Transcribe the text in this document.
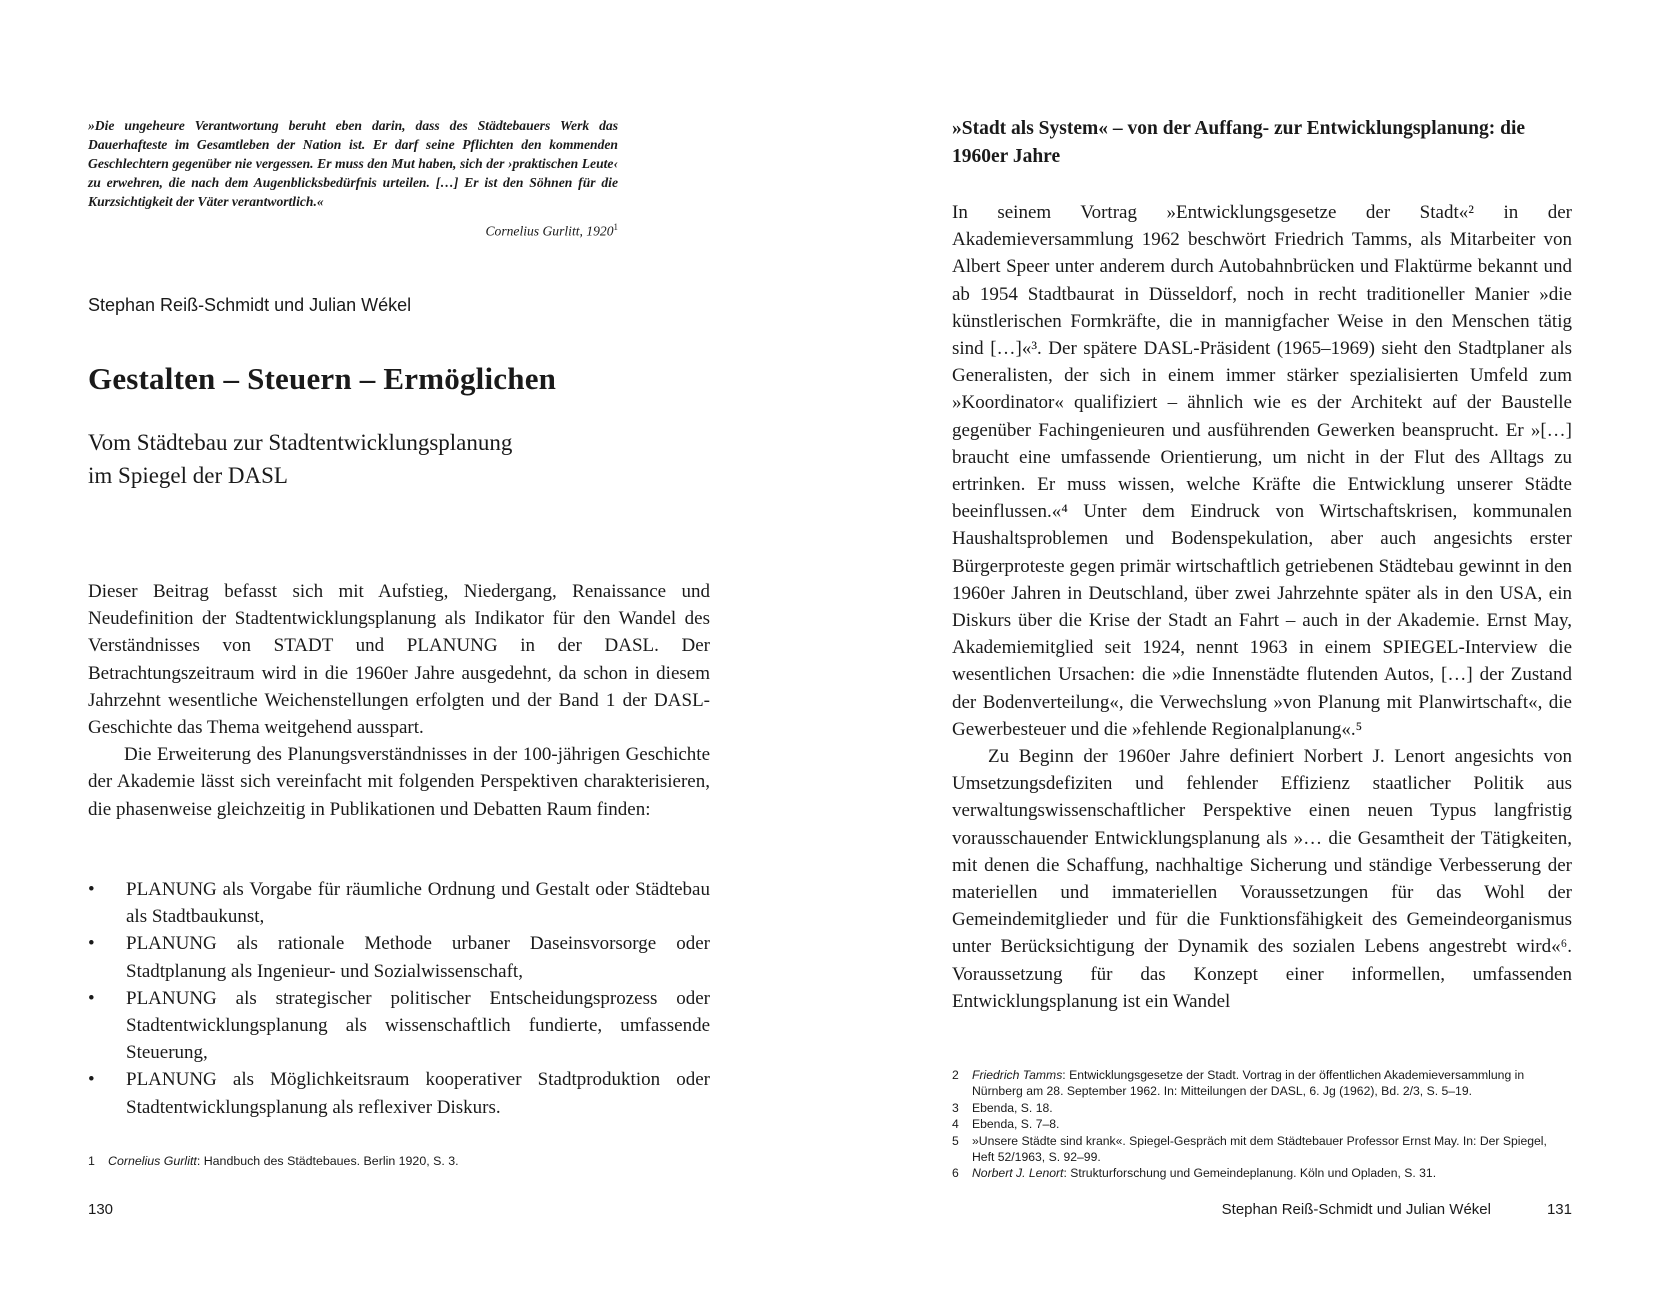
»Die ungeheure Verantwortung beruht eben darin, dass des Städtebauers Werk das Dauerhafteste im Gesamtleben der Nation ist. Er darf seine Pflichten den kommenden Geschlechtern gegenüber nie vergessen. Er muss den Mut haben, sich der ›praktischen Leute‹ zu erwehren, die nach dem Augenblicksbedürfnis urteilen. […] Er ist den Söhnen für die Kurzsichtigkeit der Väter verantwortlich.«

Cornelius Gurlitt, 1920$^1$

Stephan Reiß-Schmidt und Julian Wékel

Gestalten – Steuern – Ermöglichen
Vom Städtebau zur Stadtentwicklungsplanung
im Spiegel der DASL

Dieser Beitrag befasst sich mit Aufstieg, Niedergang, Renaissance und Neudefinition der Stadtentwicklungsplanung als Indikator für den Wandel des Verständnisses von STADT und PLANUNG in der DASL. Der Betrachtungszeitraum wird in die 1960er Jahre ausgedehnt, da schon in diesem Jahrzehnt wesentliche Weichenstellungen erfolgten und der Band 1 der DASL-Geschichte das Thema weitgehend ausspart.

Die Erweiterung des Planungsverständnisses in der 100-jährigen Geschichte der Akademie lässt sich vereinfacht mit folgenden Perspektiven charakterisieren, die phasenweise gleichzeitig in Publikationen und Debatten Raum finden:

• PLANUNG als Vorgabe für räumliche Ordnung und Gestalt oder Städtebau als Stadtbaukunst,
• PLANUNG als rationale Methode urbaner Daseinsvorsorge oder Stadtplanung als Ingenieur- und Sozialwissenschaft,
• PLANUNG als strategischer politischer Entscheidungsprozess oder Stadtentwicklungsplanung als wissenschaftlich fundierte, umfassende Steuerung,
• PLANUNG als Möglichkeitsraum kooperativer Stadtproduktion oder Stadtentwicklungsplanung als reflexiver Diskurs.

1 Cornelius Gurlitt: Handbuch des Städtebaues. Berlin 1920, S. 3.

130

»Stadt als System« – von der Auffang- zur Entwicklungsplanung: die 1960er Jahre

In seinem Vortrag »Entwicklungsgesetze der Stadt«² in der Akademieversammlung 1962 beschwört Friedrich Tamms, als Mitarbeiter von Albert Speer unter anderem durch Autobahnbrücken und Flaktürme bekannt und ab 1954 Stadtbaurat in Düsseldorf, noch in recht traditioneller Manier »die künstlerischen Formkräfte, die in mannigfacher Weise in den Menschen tätig sind […]«³. Der spätere DASL-Präsident (1965–1969) sieht den Stadtplaner als Generalisten, der sich in einem immer stärker spezialisierten Umfeld zum »Koordinator« qualifiziert – ähnlich wie es der Architekt auf der Baustelle gegenüber Fachingenieuren und ausführenden Gewerken beansprucht. Er »[…] braucht eine umfassende Orientierung, um nicht in der Flut des Alltags zu ertrinken. Er muss wissen, welche Kräfte die Entwicklung unserer Städte beeinflussen.«⁴ Unter dem Eindruck von Wirtschaftskrisen, kommunalen Haushaltsproblemen und Bodenspekulation, aber auch angesichts erster Bürgerproteste gegen primär wirtschaftlich getriebenen Städtebau gewinnt in den 1960er Jahren in Deutschland, über zwei Jahrzehnte später als in den USA, ein Diskurs über die Krise der Stadt an Fahrt – auch in der Akademie. Ernst May, Akademiemitglied seit 1924, nennt 1963 in einem SPIEGEL-Interview die wesentlichen Ursachen: die »die Innenstädte flutenden Autos, […] der Zustand der Bodenverteilung«, die Verwechslung »von Planung mit Planwirtschaft«, die Gewerbesteuer und die »fehlende Regionalplanung«.⁵

Zu Beginn der 1960er Jahre definiert Norbert J. Lenort angesichts von Umsetzungsdefiziten und fehlender Effizienz staatlicher Politik aus verwaltungswissenschaftlicher Perspektive einen neuen Typus langfristig vorausschauender Entwicklungsplanung als »… die Gesamtheit der Tätigkeiten, mit denen die Schaffung, nachhaltige Sicherung und ständige Verbesserung der materiellen und immateriellen Voraussetzungen für das Wohl der Gemeindemitglieder und für die Funktionsfähigkeit des Gemeindeorganismus unter Berücksichtigung der Dynamik des sozialen Lebens angestrebt wird«⁶. Voraussetzung für das Konzept einer informellen, umfassenden Entwicklungsplanung ist ein Wandel

2 Friedrich Tamms: Entwicklungsgesetze der Stadt. Vortrag in der öffentlichen Akademieversammlung in Nürnberg am 28. September 1962. In: Mitteilungen der DASL, 6. Jg (1962), Bd. 2/3, S. 5–19.
3 Ebenda, S. 18.
4 Ebenda, S. 7–8.
5 »Unsere Städte sind krank«. Spiegel-Gespräch mit dem Städtebauer Professor Ernst May. In: Der Spiegel, Heft 52/1963, S. 92–99.
6 Norbert J. Lenort: Strukturforschung und Gemeindeplanung. Köln und Opladen, S. 31.

Stephan Reiß-Schmidt und Julian Wékel	131
